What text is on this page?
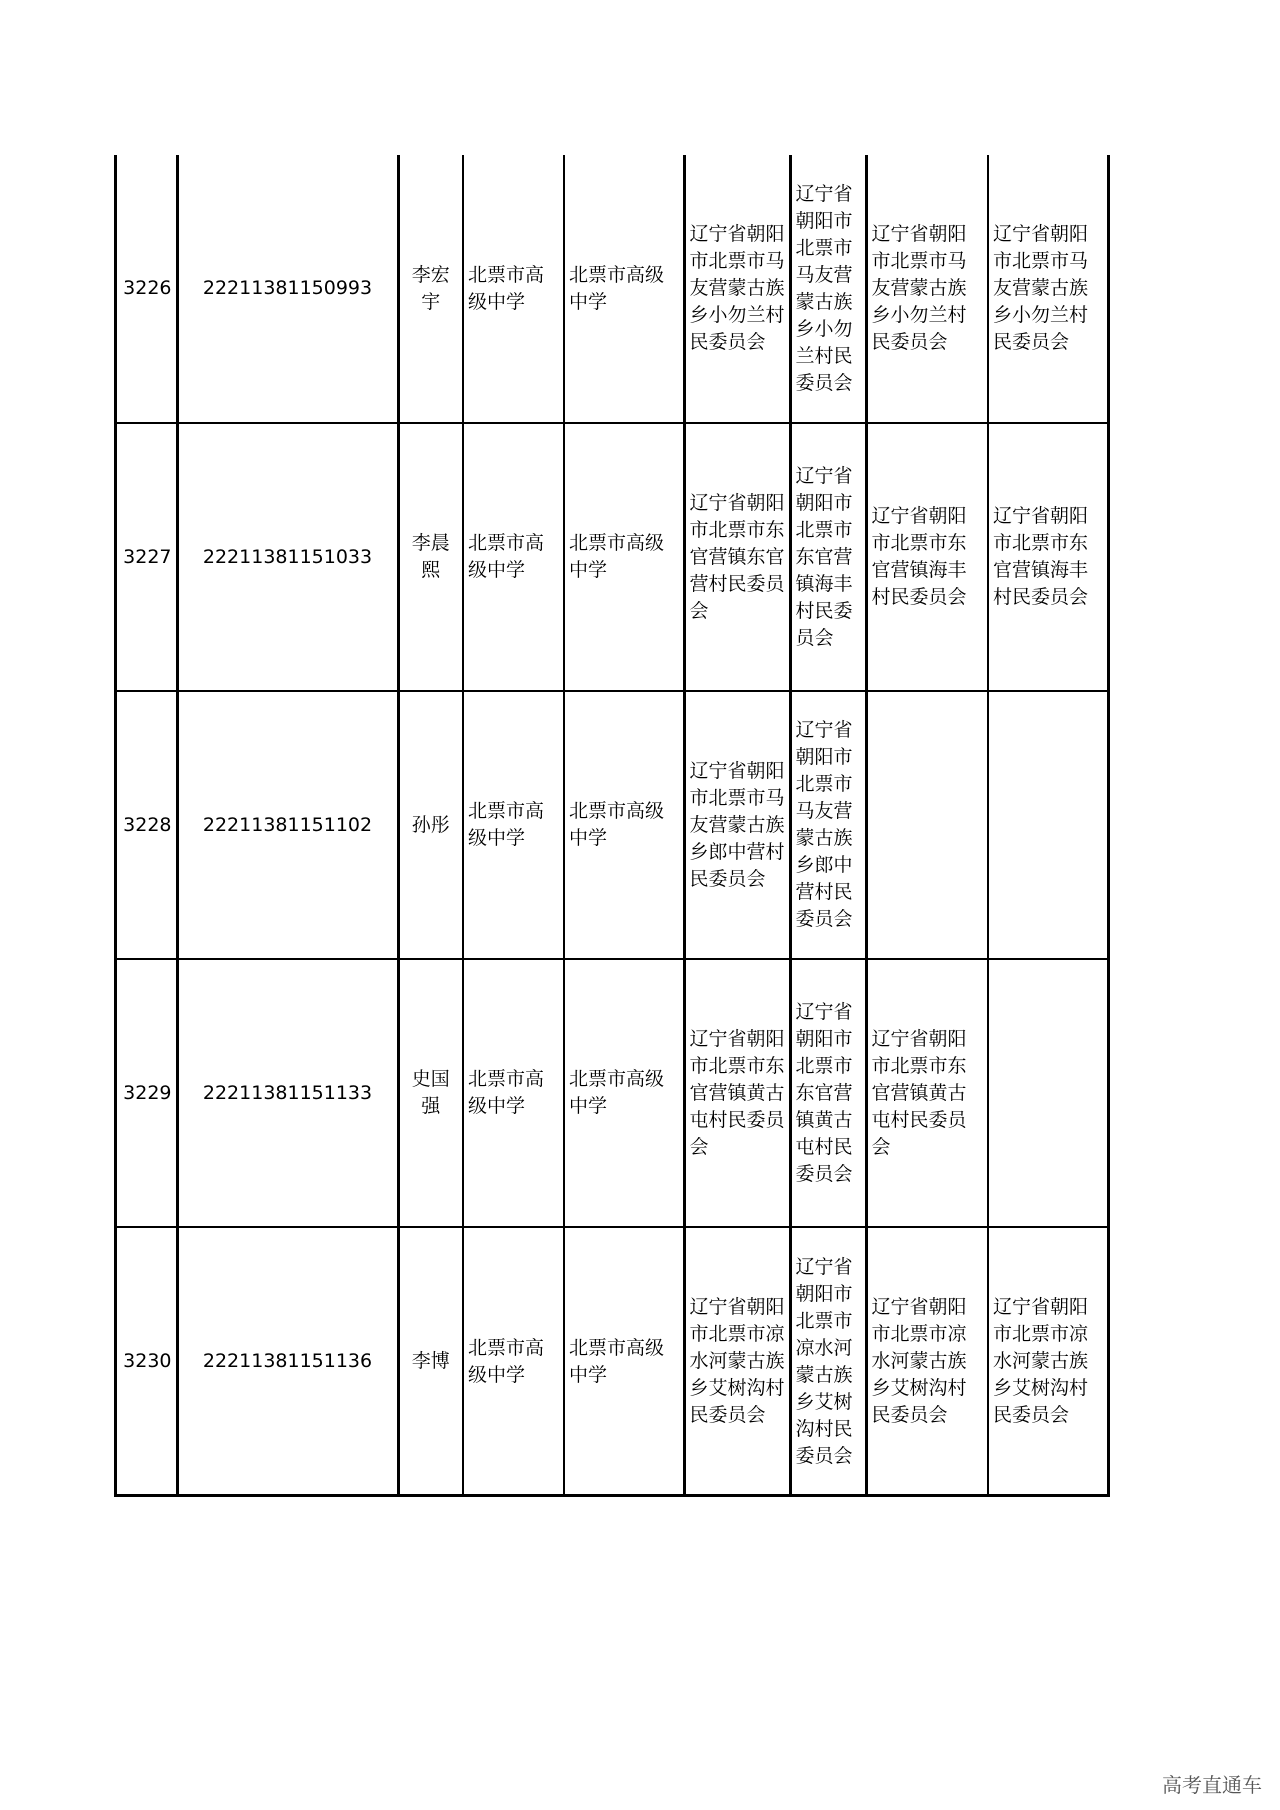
3226	22211381150993	李宏宇	北票市高级中学	北票市高级中学	辽宁省朝阳市北票市马友营蒙古族乡小勿兰村民委员会	辽宁省朝阳市北票市马友营蒙古族乡小勿兰村民委员会	辽宁省朝阳市北票市马友营蒙古族乡小勿兰村民委员会	辽宁省朝阳市北票市马友营蒙古族乡小勿兰村民委员会
3227	22211381151033	李晨熙	北票市高级中学	北票市高级中学	辽宁省朝阳市北票市东官营镇东官营村民委员会	辽宁省朝阳市北票市东官营镇海丰村民委员会	辽宁省朝阳市北票市东官营镇海丰村民委员会	辽宁省朝阳市北票市东官营镇海丰村民委员会
3228	22211381151102	孙彤	北票市高级中学	北票市高级中学	辽宁省朝阳市北票市马友营蒙古族乡郎中营村民委员会	辽宁省朝阳市北票市马友营蒙古族乡郎中营村民委员会		
3229	22211381151133	史国强	北票市高级中学	北票市高级中学	辽宁省朝阳市北票市东官营镇黄古屯村民委员会	辽宁省朝阳市北票市东官营镇黄古屯村民委员会	辽宁省朝阳市北票市东官营镇黄古屯村民委员会	
3230	22211381151136	李博	北票市高级中学	北票市高级中学	辽宁省朝阳市北票市凉水河蒙古族乡艾树沟村民委员会	辽宁省朝阳市北票市凉水河蒙古族乡艾树沟村民委员会	辽宁省朝阳市北票市凉水河蒙古族乡艾树沟村民委员会	辽宁省朝阳市北票市凉水河蒙古族乡艾树沟村民委员会
高考直通车
